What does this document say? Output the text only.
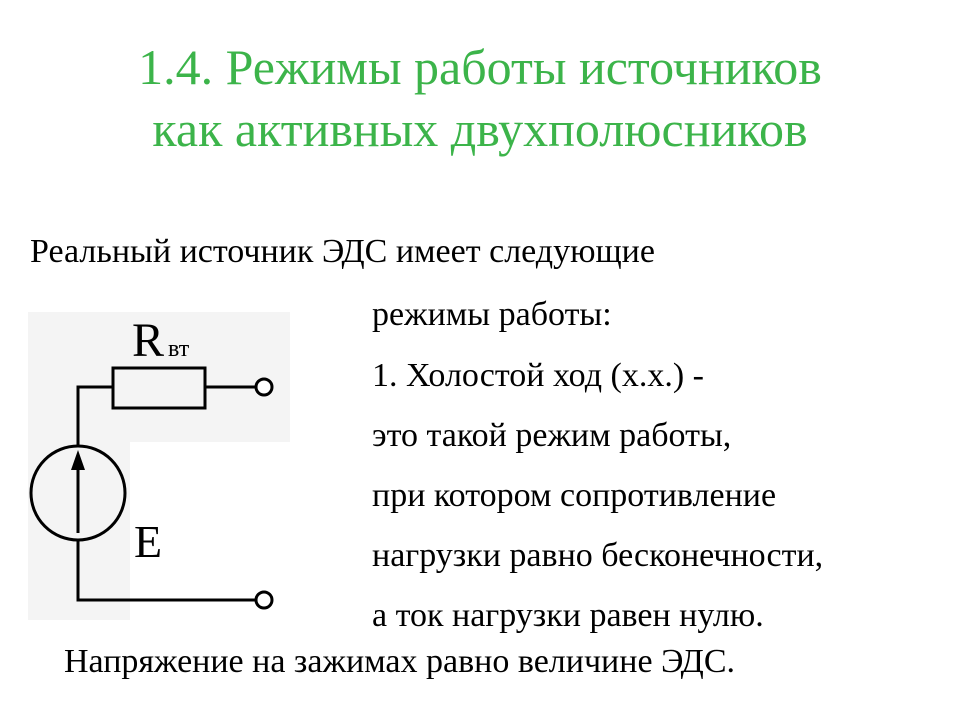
1.4. Режимы работы источников
как активных двухполюсников
Реальный источник ЭДС имеет следующие
режимы работы:
1. Холостой ход (х.х.) -
это такой режим работы,
при котором сопротивление
нагрузки равно бесконечности,
а ток нагрузки равен нулю.
Напряжение на зажимах равно величине ЭДС.
R вт
E
